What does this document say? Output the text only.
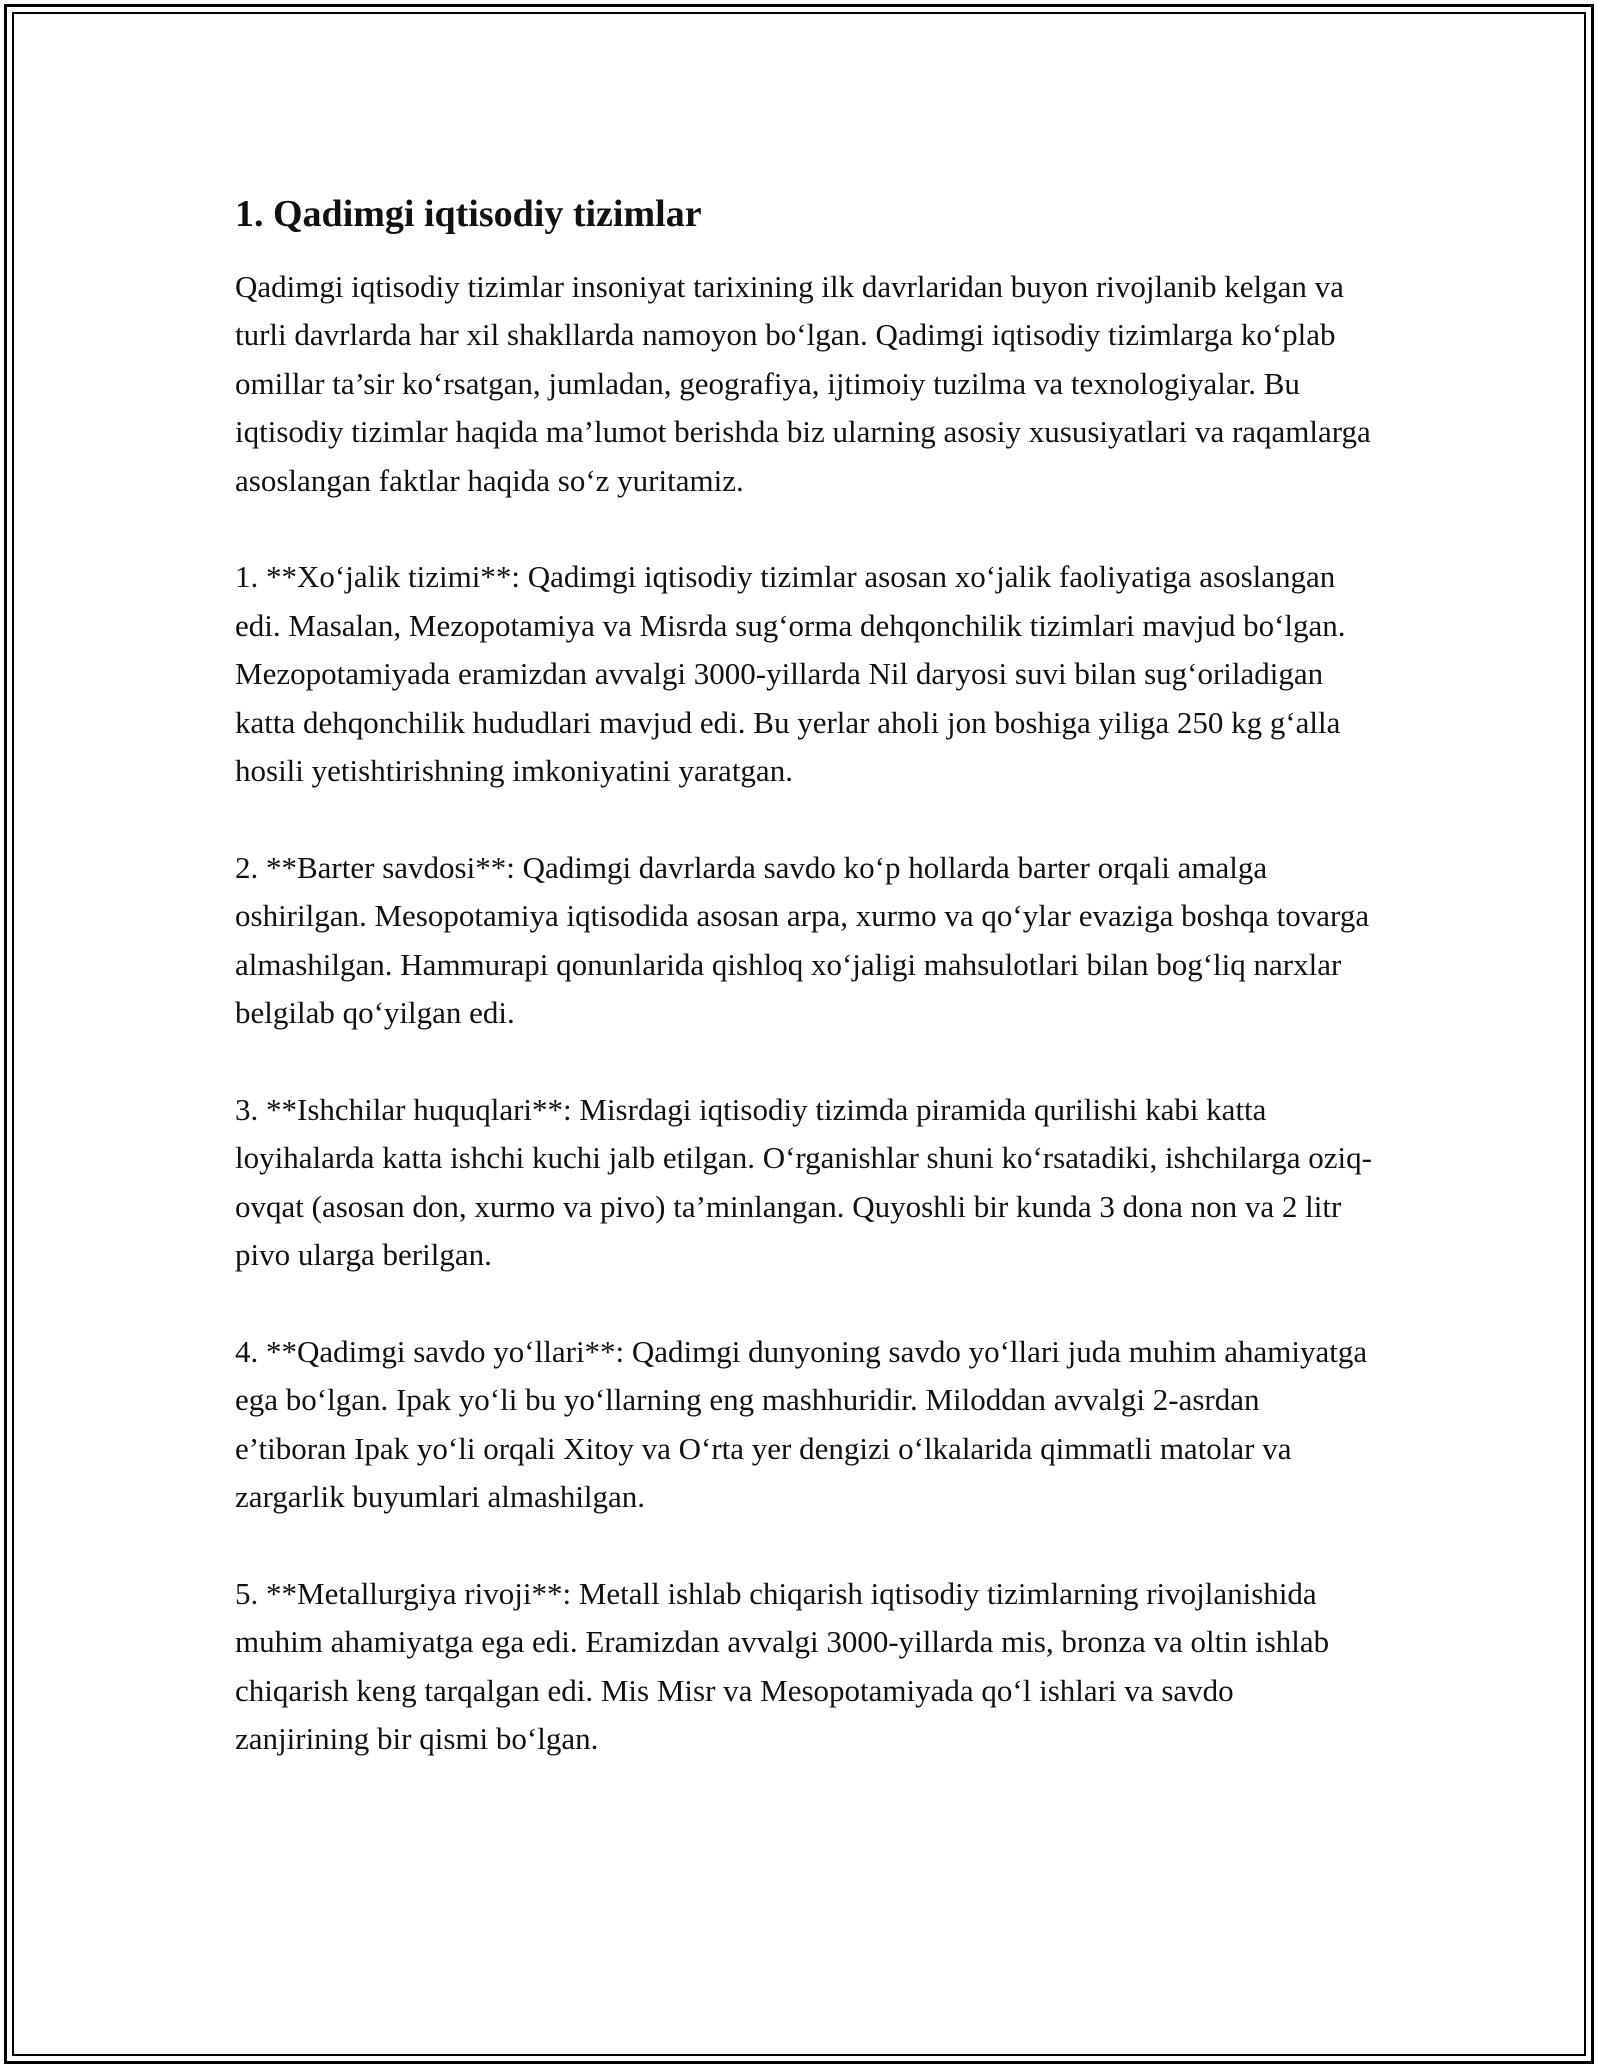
1. Qadimgi iqtisodiy tizimlar

Qadimgi iqtisodiy tizimlar insoniyat tarixining ilk davrlaridan buyon rivojlanib kelgan va turli davrlarda har xil shakllarda namoyon bo‘lgan. Qadimgi iqtisodiy tizimlarga ko‘plab omillar ta’sir ko‘rsatgan, jumladan, geografiya, ijtimoiy tuzilma va texnologiyalar. Bu iqtisodiy tizimlar haqida ma’lumot berishda biz ularning asosiy xususiyatlari va raqamlarga asoslangan faktlar haqida so‘z yuritamiz.

1. **Xo‘jalik tizimi**: Qadimgi iqtisodiy tizimlar asosan xo‘jalik faoliyatiga asoslangan edi. Masalan, Mezopotamiya va Misrda sug‘orma dehqonchilik tizimlari mavjud bo‘lgan. Mezopotamiyada eramizdan avvalgi 3000-yillarda Nil daryosi suvi bilan sug‘oriladigan katta dehqonchilik hududlari mavjud edi. Bu yerlar aholi jon boshiga yiliga 250 kg g‘alla hosili yetishtirishning imkoniyatini yaratgan.

2. **Barter savdosi**: Qadimgi davrlarda savdo ko‘p hollarda barter orqali amalga oshirilgan. Mesopotamiya iqtisodida asosan arpa, xurmo va qo‘ylar evaziga boshqa tovarga almashilgan. Hammurapi qonunlarida qishloq xo‘jaligi mahsulotlari bilan bog‘liq narxlar belgilab qo‘yilgan edi.

3. **Ishchilar huquqlari**: Misrdagi iqtisodiy tizimda piramida qurilishi kabi katta loyihalarda katta ishchi kuchi jalb etilgan. O‘rganishlar shuni ko‘rsatadiki, ishchilarga oziq-ovqat (asosan don, xurmo va pivo) ta’minlangan. Quyoshli bir kunda 3 dona non va 2 litr pivo ularga berilgan.

4. **Qadimgi savdo yo‘llari**: Qadimgi dunyoning savdo yo‘llari juda muhim ahamiyatga ega bo‘lgan. Ipak yo‘li bu yo‘llarning eng mashhuridir. Miloddan avvalgi 2-asrdan e’tiboran Ipak yo‘li orqali Xitoy va O‘rta yer dengizi o‘lkalarida qimmatli matolar va zargarlik buyumlari almashilgan.

5. **Metallurgiya rivoji**: Metall ishlab chiqarish iqtisodiy tizimlarning rivojlanishida muhim ahamiyatga ega edi. Eramizdan avvalgi 3000-yillarda mis, bronza va oltin ishlab chiqarish keng tarqalgan edi. Mis Misr va Mesopotamiyada qo‘l ishlari va savdo zanjirining bir qismi bo‘lgan.
